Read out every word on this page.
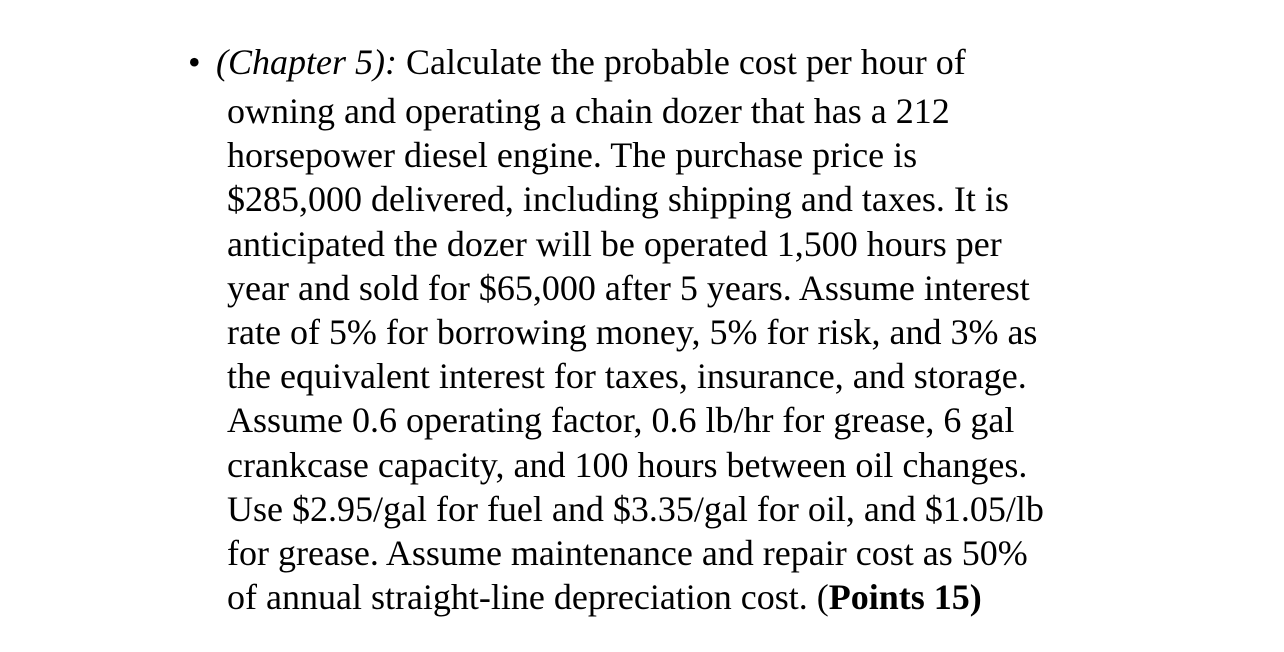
• (Chapter 5): Calculate the probable cost per hour of
owning and operating a chain dozer that has a 212
horsepower diesel engine. The purchase price is
$285,000 delivered, including shipping and taxes. It is
anticipated the dozer will be operated 1,500 hours per
year and sold for $65,000 after 5 years. Assume interest
rate of 5% for borrowing money, 5% for risk, and 3% as
the equivalent interest for taxes, insurance, and storage.
Assume 0.6 operating factor, 0.6 lb/hr for grease, 6 gal
crankcase capacity, and 100 hours between oil changes.
Use $2.95/gal for fuel and $3.35/gal for oil, and $1.05/lb
for grease. Assume maintenance and repair cost as 50%
of annual straight-line depreciation cost. (Points 15)
